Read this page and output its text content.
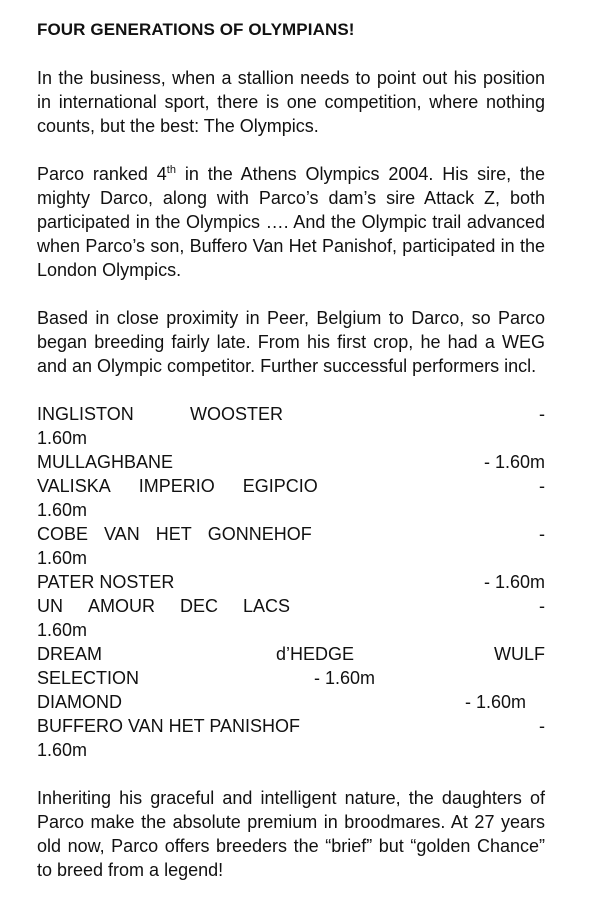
FOUR GENERATIONS OF OLYMPIANS!

In the business, when a stallion needs to point out his position in international sport, there is one competition, where nothing counts, but the best: The Olympics.

Parco ranked 4th in the Athens Olympics 2004. His sire, the mighty Darco, along with Parco’s dam’s sire Attack Z, both participated in the Olympics …. And the Olympic trail advanced when Parco’s son, Buffero Van Het Panishof, participated in the London Olympics.

Based in close proximity in Peer, Belgium to Darco, so Parco began breeding fairly late. From his first crop, he had a WEG and an Olympic competitor. Further successful performers incl.

INGLISTON	WOOSTER	-
1.60m
MULLAGHBANE	- 1.60m
VALISKA IMPERIO EGIPCIO	-
1.60m
COBE VAN HET GONNEHOF	-
1.60m
PATER NOSTER	- 1.60m
UN AMOUR DEC LACS	-
1.60m
DREAM	d’HEDGE	WULF
SELECTION	- 1.60m
DIAMOND	- 1.60m
BUFFERO VAN HET PANISHOF	-
1.60m

Inheriting his graceful and intelligent nature, the daughters of Parco make the absolute premium in broodmares. At 27 years old now, Parco offers breeders the “brief” but “golden Chance” to breed from a legend!
